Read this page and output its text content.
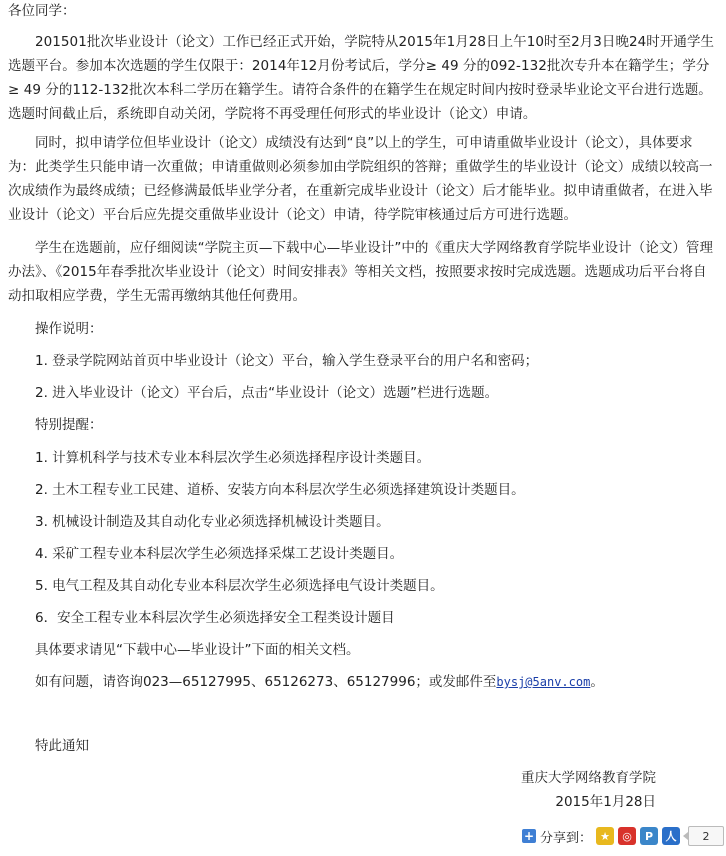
各位同学：
201501批次毕业设计（论文）工作已经正式开始，学院特从2015年1月28日上午10时至2月3日晚24时开通学生选题平台。参加本次选题的学生仅限于：2014年12月份考试后，学分≥ 49 分的092-132批次专升本在籍学生；学分≥ 49 分的112-132批次本科二学历在籍学生。请符合条件的在籍学生在规定时间内按时登录毕业论文平台进行选题。选题时间截止后，系统即自动关闭，学院将不再受理任何形式的毕业设计（论文）申请。
同时，拟申请学位但毕业设计（论文）成绩没有达到“良”以上的学生，可申请重做毕业设计（论文），具体要求为：此类学生只能申请一次重做；申请重做则必须参加由学院组织的答辩；重做学生的毕业设计（论文）成绩以较高一次成绩作为最终成绩；已经修满最低毕业学分者，在重新完成毕业设计（论文）后才能毕业。拟申请重做者，在进入毕业设计（论文）平台后应先提交重做毕业设计（论文）申请，待学院审核通过后方可进行选题。
学生在选题前，应仔细阅读“学院主页—下载中心—毕业设计”中的《重庆大学网络教育学院毕业设计（论文）管理办法》、《2015年春季批次毕业设计（论文）时间安排表》等相关文档，按照要求按时完成选题。选题成功后平台将自动扣取相应学费，学生无需再缴纳其他任何费用。
操作说明：
1. 登录学院网站首页中毕业设计（论文）平台，输入学生登录平台的用户名和密码；
2. 进入毕业设计（论文）平台后，点击“毕业设计（论文）选题”栏进行选题。
特别提醒：
1. 计算机科学与技术专业本科层次学生必须选择程序设计类题目。
2. 土木工程专业工民建、道桥、安装方向本科层次学生必须选择建筑设计类题目。
3. 机械设计制造及其自动化专业必须选择机械设计类题目。
4. 采矿工程专业本科层次学生必须选择采煤工艺设计类题目。
5. 电气工程及其自动化专业本科层次学生必须选择电气设计类题目。
6．安全工程专业本科层次学生必须选择安全工程类设计题目
具体要求请见“下载中心—毕业设计”下面的相关文档。
如有问题，请咨询023—65127995、65126273、65127996；或发邮件至bysj@5anv.com。
特此通知
重庆大学网络教育学院
2015年1月28日
+ 分享到： ★	◎	P	人	2
